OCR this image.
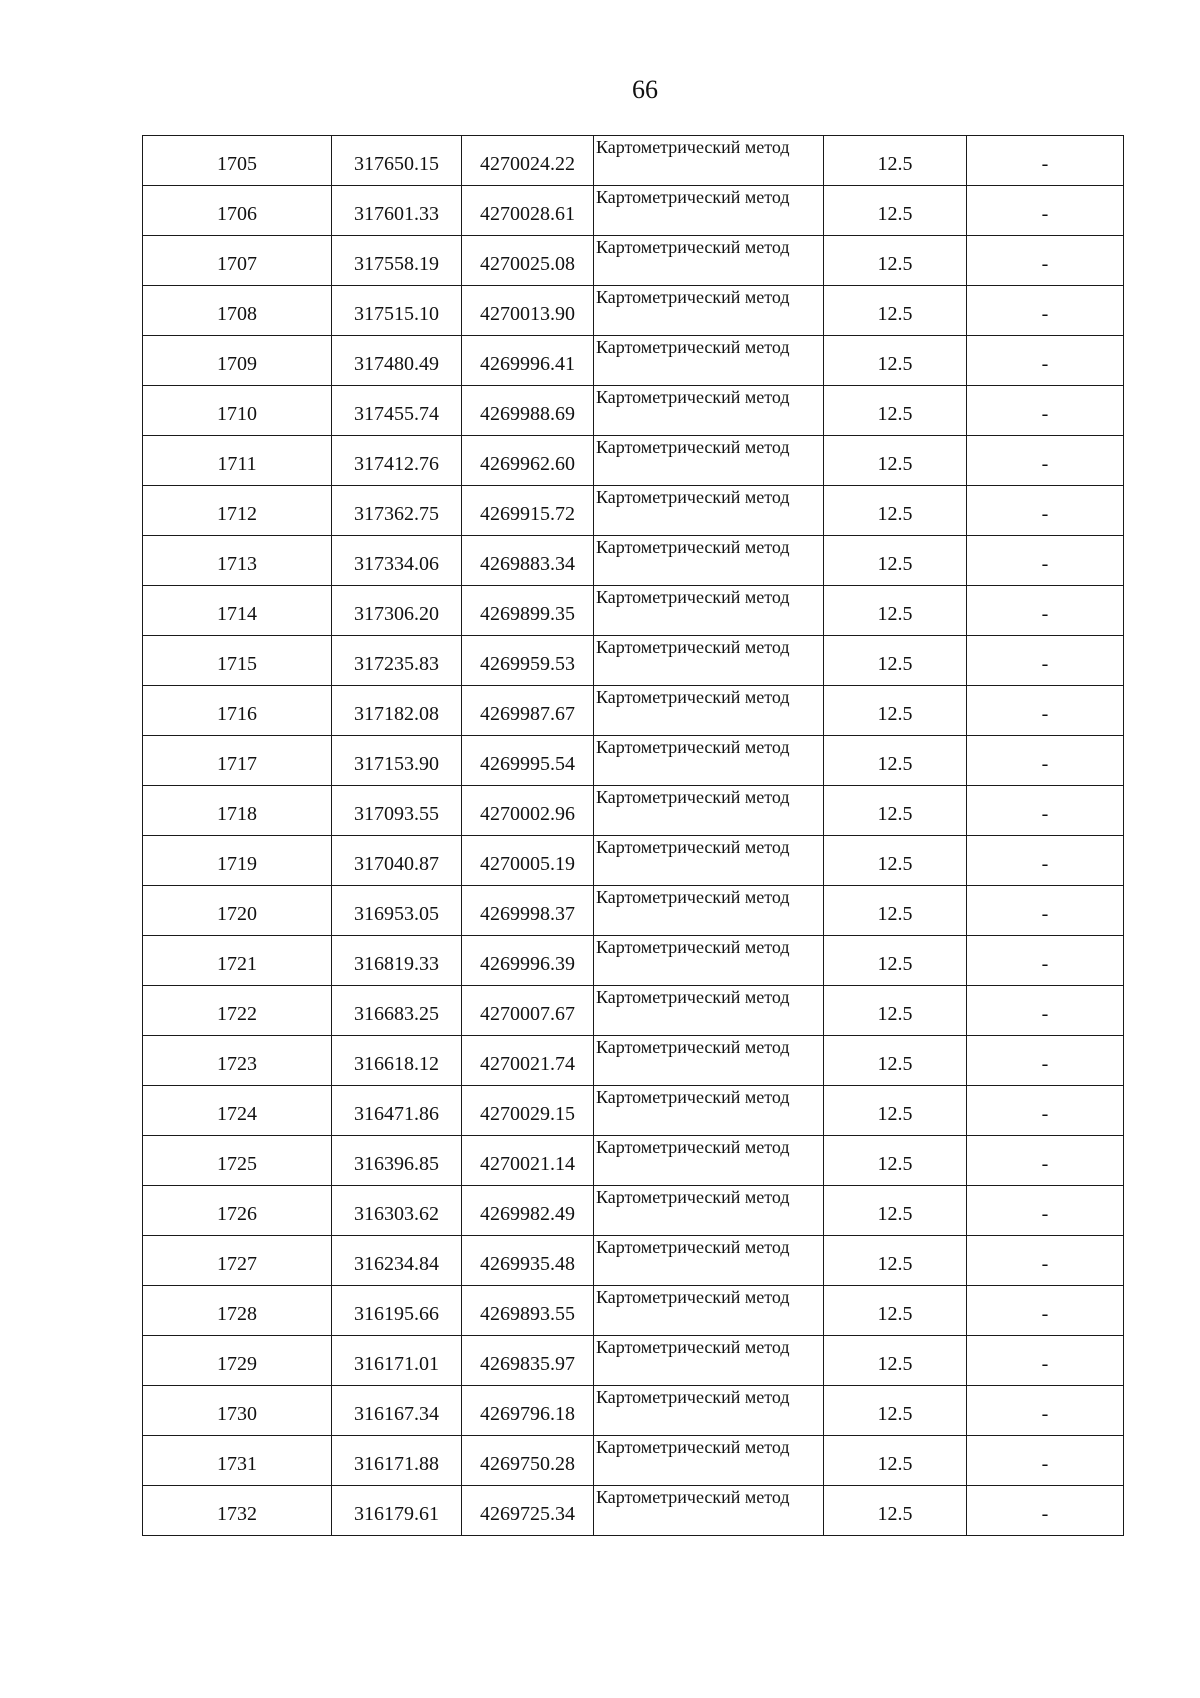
66
1705	317650.15	4270024.22	Картометрический метод	12.5	-
1706	317601.33	4270028.61	Картометрический метод	12.5	-
1707	317558.19	4270025.08	Картометрический метод	12.5	-
1708	317515.10	4270013.90	Картометрический метод	12.5	-
1709	317480.49	4269996.41	Картометрический метод	12.5	-
1710	317455.74	4269988.69	Картометрический метод	12.5	-
1711	317412.76	4269962.60	Картометрический метод	12.5	-
1712	317362.75	4269915.72	Картометрический метод	12.5	-
1713	317334.06	4269883.34	Картометрический метод	12.5	-
1714	317306.20	4269899.35	Картометрический метод	12.5	-
1715	317235.83	4269959.53	Картометрический метод	12.5	-
1716	317182.08	4269987.67	Картометрический метод	12.5	-
1717	317153.90	4269995.54	Картометрический метод	12.5	-
1718	317093.55	4270002.96	Картометрический метод	12.5	-
1719	317040.87	4270005.19	Картометрический метод	12.5	-
1720	316953.05	4269998.37	Картометрический метод	12.5	-
1721	316819.33	4269996.39	Картометрический метод	12.5	-
1722	316683.25	4270007.67	Картометрический метод	12.5	-
1723	316618.12	4270021.74	Картометрический метод	12.5	-
1724	316471.86	4270029.15	Картометрический метод	12.5	-
1725	316396.85	4270021.14	Картометрический метод	12.5	-
1726	316303.62	4269982.49	Картометрический метод	12.5	-
1727	316234.84	4269935.48	Картометрический метод	12.5	-
1728	316195.66	4269893.55	Картометрический метод	12.5	-
1729	316171.01	4269835.97	Картометрический метод	12.5	-
1730	316167.34	4269796.18	Картометрический метод	12.5	-
1731	316171.88	4269750.28	Картометрический метод	12.5	-
1732	316179.61	4269725.34	Картометрический метод	12.5	-
